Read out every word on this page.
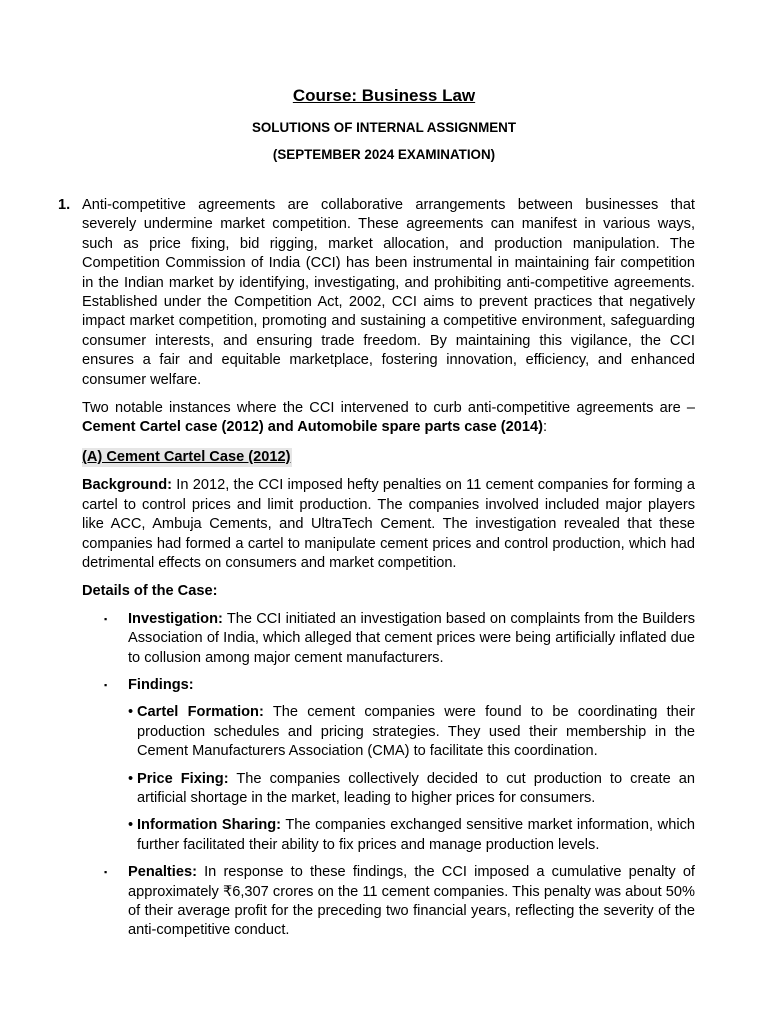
Course: Business Law
SOLUTIONS OF INTERNAL ASSIGNMENT
(SEPTEMBER 2024 EXAMINATION)
1. Anti-competitive agreements are collaborative arrangements between businesses that severely undermine market competition. These agreements can manifest in various ways, such as price fixing, bid rigging, market allocation, and production manipulation. The Competition Commission of India (CCI) has been instrumental in maintaining fair competition in the Indian market by identifying, investigating, and prohibiting anti-competitive agreements. Established under the Competition Act, 2002, CCI aims to prevent practices that negatively impact market competition, promoting and sustaining a competitive environment, safeguarding consumer interests, and ensuring trade freedom. By maintaining this vigilance, the CCI ensures a fair and equitable marketplace, fostering innovation, efficiency, and enhanced consumer welfare.

Two notable instances where the CCI intervened to curb anti-competitive agreements are – Cement Cartel case (2012) and Automobile spare parts case (2014):

(A) Cement Cartel Case (2012)

Background: In 2012, the CCI imposed hefty penalties on 11 cement companies for forming a cartel to control prices and limit production. The companies involved included major players like ACC, Ambuja Cements, and UltraTech Cement. The investigation revealed that these companies had formed a cartel to manipulate cement prices and control production, which had detrimental effects on consumers and market competition.

Details of the Case:

▪ Investigation: The CCI initiated an investigation based on complaints from the Builders Association of India, which alleged that cement prices were being artificially inflated due to collusion among major cement manufacturers.
▪ Findings:
• Cartel Formation: The cement companies were found to be coordinating their production schedules and pricing strategies. They used their membership in the Cement Manufacturers Association (CMA) to facilitate this coordination.
• Price Fixing: The companies collectively decided to cut production to create an artificial shortage in the market, leading to higher prices for consumers.
• Information Sharing: The companies exchanged sensitive market information, which further facilitated their ability to fix prices and manage production levels.
▪ Penalties: In response to these findings, the CCI imposed a cumulative penalty of approximately ₹6,307 crores on the 11 cement companies. This penalty was about 50% of their average profit for the preceding two financial years, reflecting the severity of the anti-competitive conduct.
